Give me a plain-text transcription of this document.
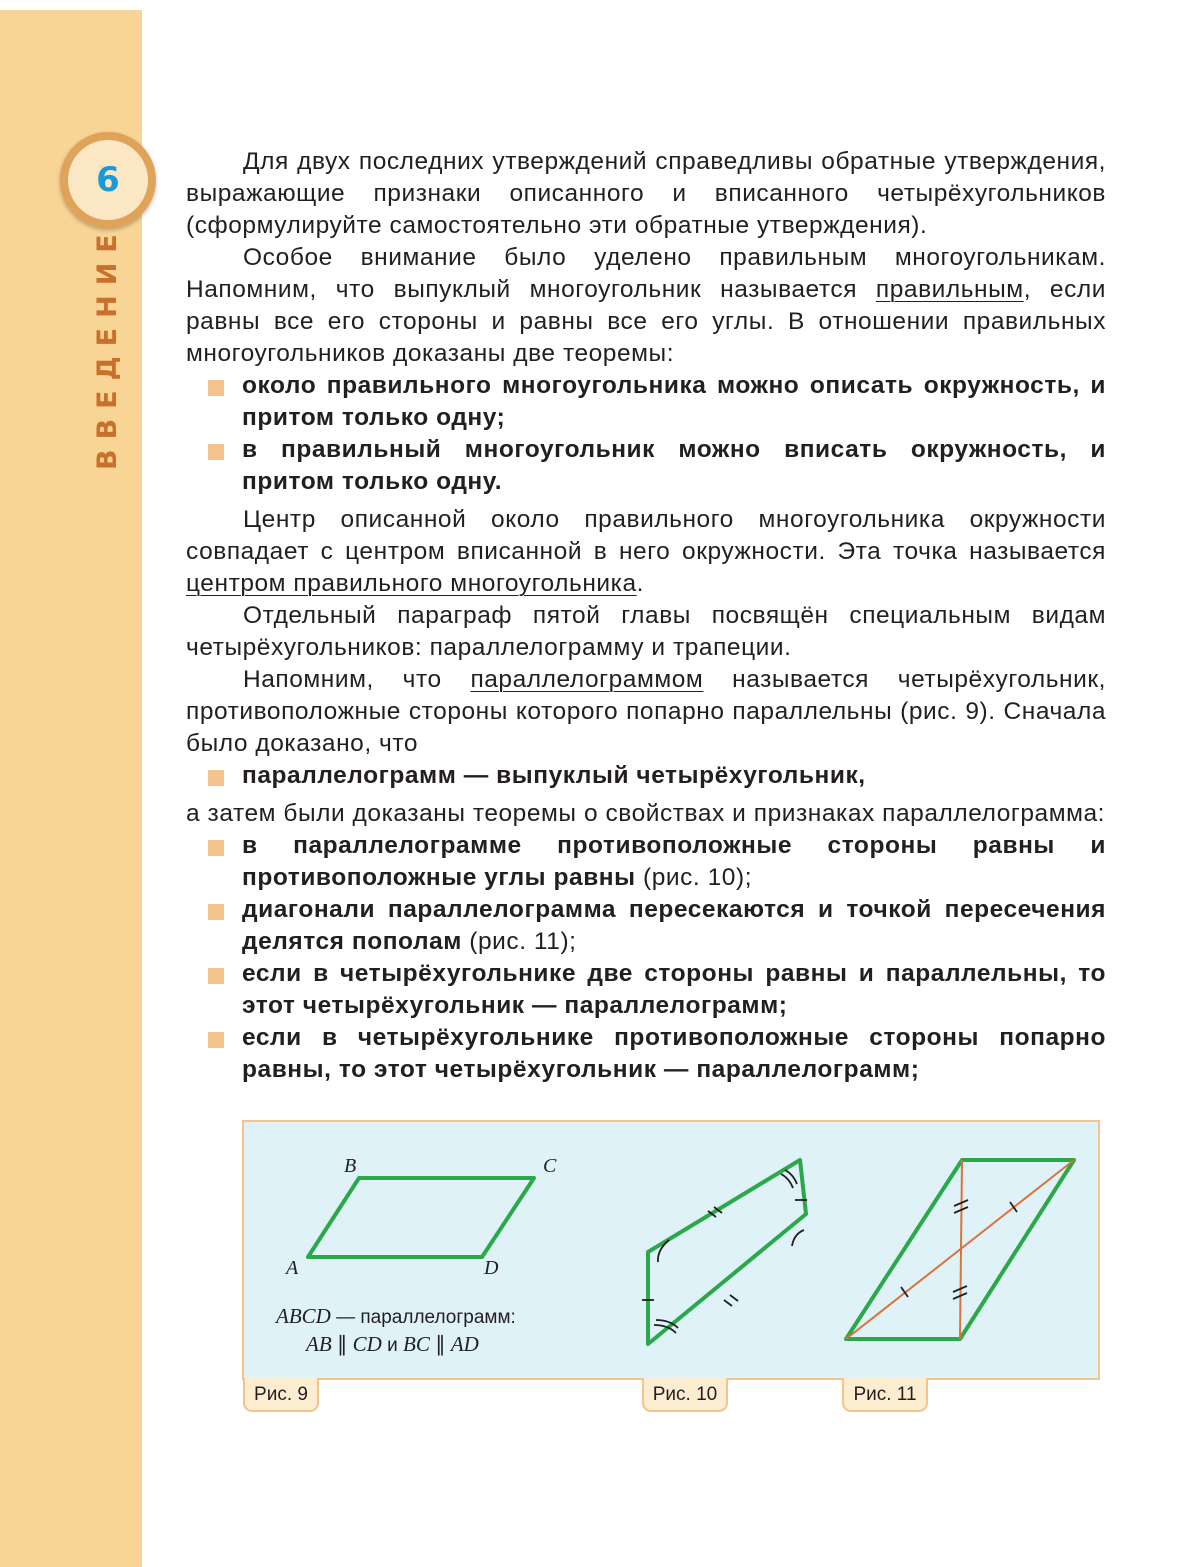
6
ВВЕДЕНИЕ

Для двух последних утверждений справедливы обратные утверждения, выражающие признаки описанного и вписанного четырёхугольников (сформулируйте самостоятельно эти обратные утверждения).

Особое внимание было уделено правильным многоугольникам. Напомним, что выпуклый многоугольник называется правильным, если равны все его стороны и равны все его углы. В отношении правильных многоугольников доказаны две теоремы:

около правильного многоугольника можно описать окружность, и притом только одну;
в правильный многоугольник можно вписать окружность, и притом только одну.

Центр описанной около правильного многоугольника окружности совпадает с центром вписанной в него окружности. Эта точка называется центром правильного многоугольника.

Отдельный параграф пятой главы посвящён специальным видам четырёхугольников: параллелограмму и трапеции.

Напомним, что параллелограммом называется четырёхугольник, противоположные стороны которого попарно параллельны (рис. 9). Сначала было доказано, что

параллелограмм — выпуклый четырёхугольник,

а затем были доказаны теоремы о свойствах и признаках параллелограмма:

в параллелограмме противоположные стороны равны и противоположные углы равны (рис. 10);
диагонали параллелограмма пересекаются и точкой пересечения делятся пополам (рис. 11);
если в четырёхугольнике две стороны равны и параллельны, то этот четырёхугольник — параллелограмм;
если в четырёхугольнике противоположные стороны попарно равны, то этот четырёхугольник — параллелограмм;
B	C
A	D
ABCD — параллелограмм:
AB ∥ CD и BC ∥ AD
Рис. 9	Рис. 10	Рис. 11
